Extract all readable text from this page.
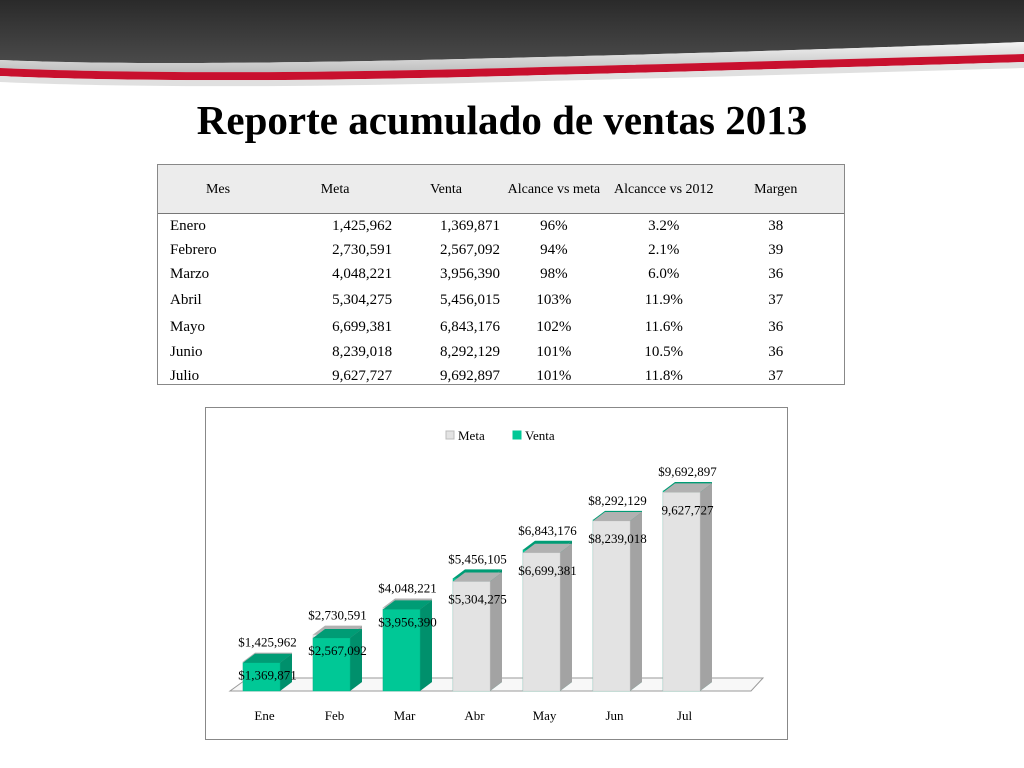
Reporte acumulado de ventas 2013
Mes	Meta	Venta	Alcance vs meta	Alcancce vs 2012	Margen	
Enero	1,425,962	1,369,871	96%	3.2%	38	
Febrero	2,730,591	2,567,092	94%	2.1%	39	
Marzo	4,048,221	3,956,390	98%	6.0%	36	
Abril	5,304,275	5,456,015	103%	11.9%	37	
Mayo	6,699,381	6,843,176	102%	11.6%	36	
Junio	8,239,018	8,292,129	101%	10.5%	36	
Julio	9,627,727	9,692,897	101%	11.8%	37	
Meta	Venta
Ene	Feb	Mar	Abr	May	Jun	Jul
$1,425,962
$1,369,871
$2,730,591
$2,567,092
$4,048,221
$3,956,390
$5,304,275
$5,456,105
$6,699,381
$6,843,176
$8,239,018
$8,292,129
9,627,727
$9,692,897
